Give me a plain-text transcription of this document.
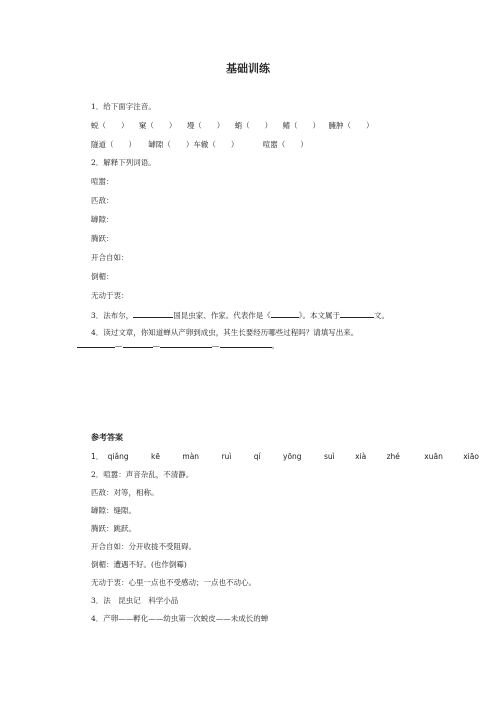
基础训练
1．给下面字注音。
蜕（　　） 窠（　　） 墁（　　） 蛸（　　） 鳍（　　） 臃肿（　　）
隧道（　　） 罅隙（　　）车辙（　　）	喧嚣（　　）
2．解释下列词语。
喧嚣：
匹敌：
罅隙：
腾跃：
开合自如：
倒楣：
无动于衷：
3．法布尔，	国昆虫家、作家。代表作是《	》。本文属于	文。
4．读过文章，你知道蝉从产卵到成虫，其生长要经历哪些过程吗？请填写出来。
—	—	—	。
参考答案
1． qiǎng	kē	màn	ruì	qí	yōng	suì	xià	zhé	xuān	xiāo
2．喧嚣：声音杂乱，不清静。
匹敌：对等，相称。
罅隙：缝隙。
腾跃：跳跃。
开合自如：分开收拢不受阻碍。
倒楣：遭遇不好。(也作倒霉)
无动于衷：心里一点也不受感动；一点也不动心。
3．法　昆虫记　科学小品
4．产卵——孵化——幼虫第一次蜕皮——未成长的蝉
